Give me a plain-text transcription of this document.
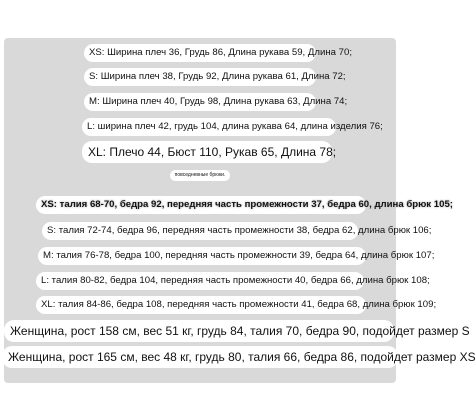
XS: Ширина плеч 36, Грудь 86, Длина рукава 59, Длина 70;
S: Ширина плеч 38, Грудь 92, Длина рукава 61, Длина 72;
M: Ширина плеч 40, Грудь 98, Длина рукава 63, Длина 74;
L: ширина плеч 42, грудь 104, длина рукава 64, длина изделия 76;
XL: Плечо 44, Бюст 110, Рукав 65, Длина 78;
повседневные брюки.
XS: талия 68-70, бедра 92, передняя часть промежности 37, бедра 60, длина брюк 105;
S: талия 72-74, бедра 96, передняя часть промежности 38, бедра 62, длина брюк 106;
M: талия 76-78, бедра 100, передняя часть промежности 39, бедра 64, длина брюк 107;
L: талия 80-82, бедра 104, передняя часть промежности 40, бедра 66, длина брюк 108;
XL: талия 84-86, бедра 108, передняя часть промежности 41, бедра 68, длина брюк 109;
Женщина, рост 158 см, вес 51 кг, грудь 84, талия 70, бедра 90, подойдет размер S
Женщина, рост 165 см, вес 48 кг, грудь 80, талия 66, бедра 86, подойдет размер XS
